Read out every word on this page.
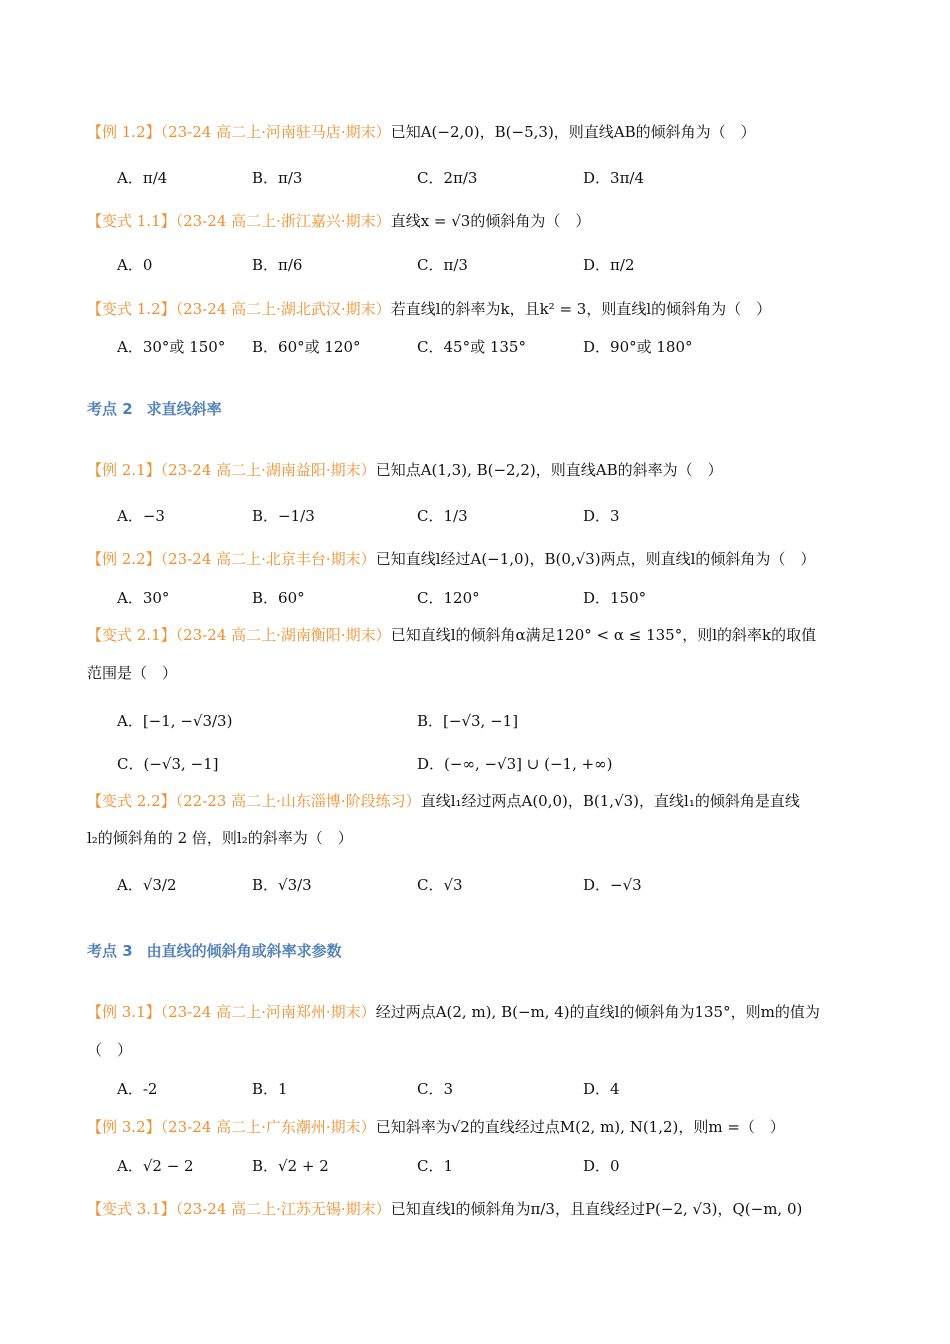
【例 1.2】（23-24 高二上·河南驻马店·期末）已知A(−2,0)，B(−5,3)，则直线AB的倾斜角为（　）
A．π/4	B．π/3	C．2π/3	D．3π/4
【变式 1.1】（23-24 高二上·浙江嘉兴·期末）直线x = √3的倾斜角为（　）
A．0	B．π/6	C．π/3	D．π/2
【变式 1.2】（23-24 高二上·湖北武汉·期末）若直线l的斜率为k，且k² = 3，则直线l的倾斜角为（　）
A．30°或 150° B．60°或 120°	C．45°或 135°	D．90°或 180°
考点 2 求直线斜率
【例 2.1】（23-24 高二上·湖南益阳·期末）已知点A(1,3), B(−2,2)，则直线AB的斜率为（　）
A．−3	B．−1/3	C．1/3	D．3
【例 2.2】（23-24 高二上·北京丰台·期末）已知直线l经过A(−1,0)，B(0,√3)两点，则直线l的倾斜角为（　）
A．30°	B．60°	C．120°	D．150°
【变式 2.1】（23-24 高二上·湖南衡阳·期末）已知直线l的倾斜角α满足120° < α ≤ 135°，则l的斜率k的取值
范围是（　）
A．[−1, −√3/3)	B．[−√3, −1]
C．(−√3, −1]	D．(−∞, −√3] ∪ (−1, +∞)
【变式 2.2】（22-23 高二上·山东淄博·阶段练习）直线l₁经过两点A(0,0)，B(1,√3)，直线l₁的倾斜角是直线
l₂的倾斜角的 2 倍，则l₂的斜率为（　）
A．√3/2	B．√3/3	C．√3	D．−√3
考点 3 由直线的倾斜角或斜率求参数
【例 3.1】（23-24 高二上·河南郑州·期末）经过两点A(2, m), B(−m, 4)的直线l的倾斜角为135°，则m的值为
（　）
A．-2	B．1	C．3	D．4
【例 3.2】（23-24 高二上·广东潮州·期末）已知斜率为√2的直线经过点M(2, m), N(1,2)，则m =（　）
A．√2 − 2	B．√2 + 2	C．1	D．0
【变式 3.1】（23-24 高二上·江苏无锡·期末）已知直线l的倾斜角为π/3，且直线经过P(−2, √3)，Q(−m, 0)
